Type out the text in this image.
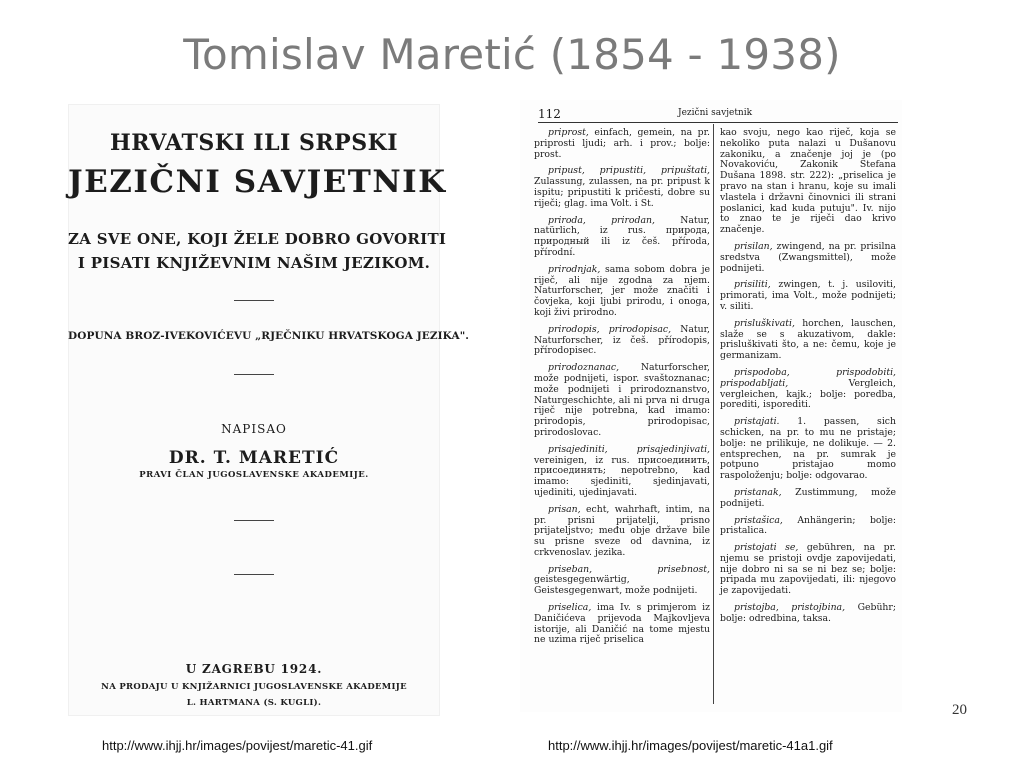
Tomislav Maretić (1854 - 1938)
HRVATSKI ILI SRPSKI
JEZIČNI SAVJETNIK
ZA SVE ONE, KOJI ŽELE DOBRO GOVORITI
I PISATI KNJIŽEVNIM NAŠIM JEZIKOM.
DOPUNA BROZ-IVEKOVIĆEVU „RJEČNIKU HRVATSKOGA JEZIKA".
NAPISAO
DR. T. MARETIĆ
PRAVI ČLAN JUGOSLAVENSKE AKADEMIJE.
U ZAGREBU 1924.
NA PRODAJU U KNJIŽARNICI JUGOSLAVENSKE AKADEMIJE
L. HARTMANA (S. KUGLI).
112	Jezični savjetnik

priprost, einfach, gemein, na pr. priprosti ljudi; arh. i prov.; bolje: prost.

pripust, pripustiti, pripuštati, Zulassung, zulassen, na pr. pripust k ispitu; pripustiti k pričesti, dobre su riječi; glag. ima Volt. i St.

priroda, prirodan,	Natur, natürlich, iz rus. природа, природный ili iz češ. příroda, přírodní.

prirodnjak, sama sobom dobra je riječ, ali nije zgodna za njem. Naturforscher, jer može značiti i čovjeka, koji ljubi prirodu, i onoga, koji živi prirodno.

prirodopis, prirodopisac, Natur, Naturforscher, iz češ. přírodopis, přírodopisec.

prirodoznanac, Naturforscher, može podnijeti, ispor. svaštoznanac; može podnijeti i prirodoznanstvo, Naturgeschichte, ali ni prva ni druga riječ nije potrebna, kad imamo: prirodopis, prirodopisac, prirodoslovac.

prisajediniti, prisajedinjivati, vereinigen, iz rus. присоединить, присоединять; nepotrebno, kad imamo: sjediniti, sjedinjavati, ujediniti, ujedinjavati.

prisan, echt, wahrhaft, intim, na pr. prisni prijatelji, prisno prijateljstvo; među obje države bile su prisne sveze od davnina, iz crkvenoslav. jezika.

priseban, prisebnost, geistesgegenwärtig, Geistesgegenwart, može podnijeti.

priselica, ima Iv. s primjerom iz Daničićeva prijevoda Majkovljeva istorije, ali Daničić na tome mjestu ne uzima riječ priselica

kao svoju, nego kao riječ, koja se nekoliko puta nalazi u Dušanovu zakoniku, a značenje joj je (po Novakoviću, Zakonik Stefana Dušana 1898. str. 222): „priselica je pravo na stan i hranu, koje su imali vlastela i državni činovnici ili strani poslanici, kad kuda putuju". Iv. nijo to znao te je riječi dao krivo značenje.

prisilan, zwingend, na pr. prisilna sredstva (Zwangsmittel), može podnijeti.

prisiliti, zwingen, t. j. usiloviti, primorati, ima Volt., može podnijeti; v. siliti.

prisluškivati, horchen, lauschen, slaže se s akuzativom, dakle: prisluškivati što, a ne: čemu, koje je germanizam.

prispodoba, prispodobiti, prispodabljati,	Vergleich, vergleichen, kajk.; bolje: poredba, porediti, isporediti.

pristajati. 1. passen, sich schicken, na pr. to mu ne pristaje; bolje: ne prilikuje, ne dolikuje. — 2. entsprechen, na pr. sumrak je potpuno pristajao momo raspoloženju; bolje: odgovarao.

pristanak, Zustimmung, može podnijeti.

pristašica, Anhängerin; bolje: pristalica.

pristojati se, gebühren, na pr. njemu se pristoji ovdje zapovijedati, nije dobro ni sa se ni bez se; bolje: pripada mu zapovijedati, ili: njegovo je zapovijedati.

pristojba, pristojbina, Gebühr; bolje: odredbina, taksa.

20
http://www.ihjj.hr/images/povijest/maretic-41.gif	http://www.ihjj.hr/images/povijest/maretic-41a1.gif
